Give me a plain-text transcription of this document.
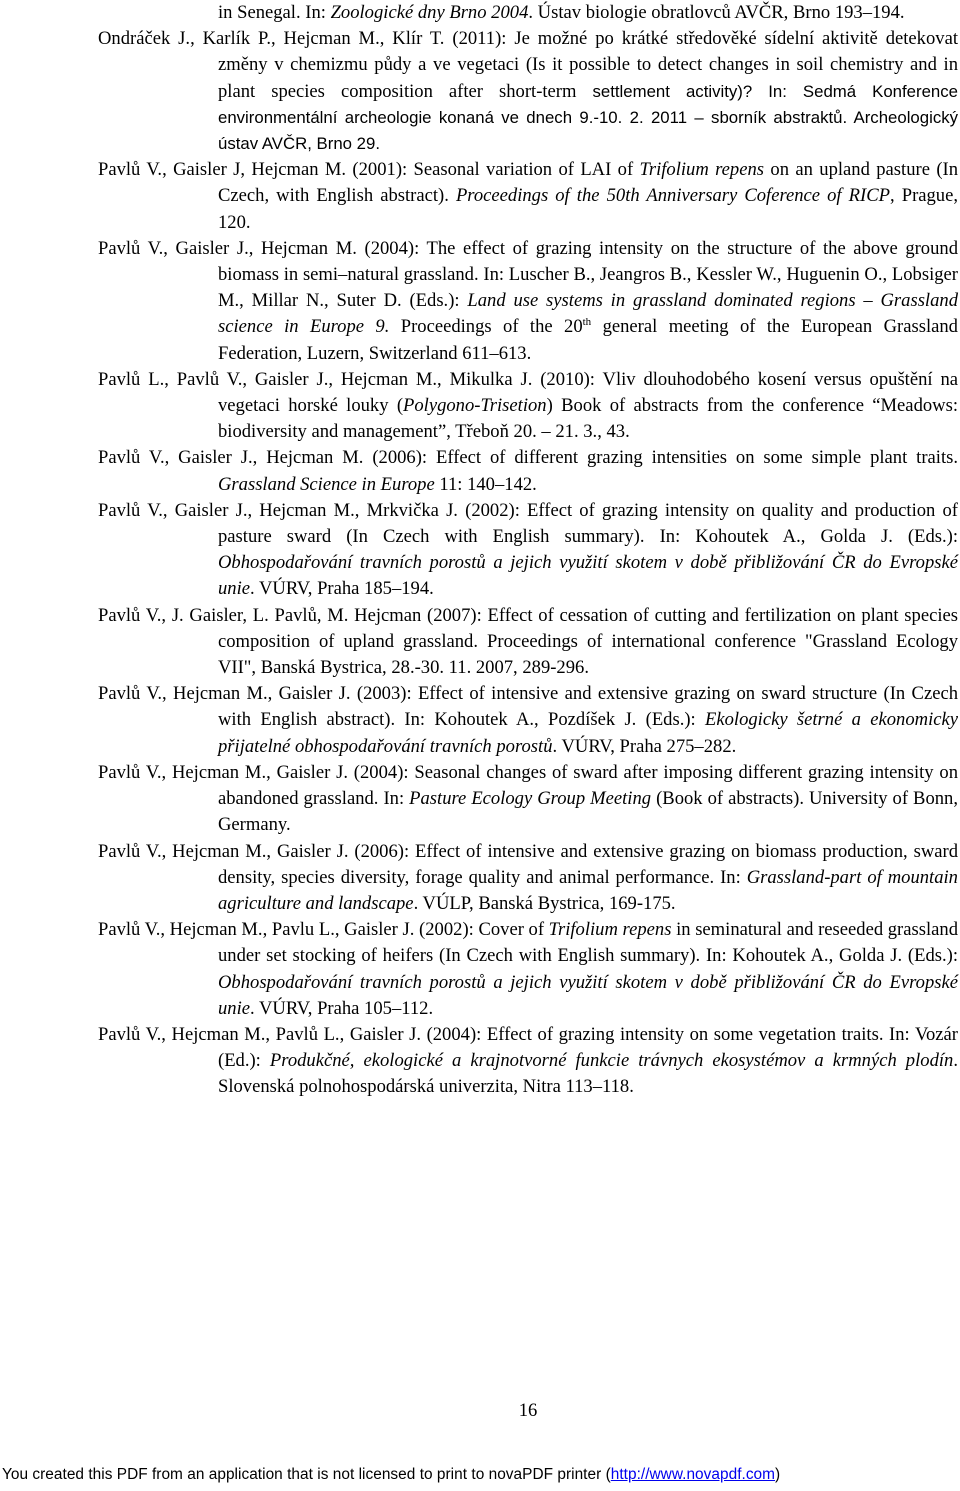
in Senegal. In: Zoologické dny Brno 2004. Ústav biologie obratlovců AVČR, Brno 193–194.

Ondráček J., Karlík P., Hejcman M., Klír T. (2011): Je možné po krátké středověké sídelní aktivitě detekovat změny v chemizmu půdy a ve vegetaci (Is it possible to detect changes in soil chemistry and in plant species composition after short-term settlement activity)? In: Sedmá Konference environmentální archeologie konaná ve dnech 9.-10. 2. 2011 – sborník abstraktů. Archeologický ústav AVČR, Brno 29.

Pavlů V., Gaisler J, Hejcman M. (2001): Seasonal variation of LAI of Trifolium repens on an upland pasture (In Czech, with English abstract). Proceedings of the 50th Anniversary Coference of RICP, Prague, 120.

Pavlů V., Gaisler J., Hejcman M. (2004): The effect of grazing intensity on the structure of the above ground biomass in semi–natural grassland. In: Luscher B., Jeangros B., Kessler W., Huguenin O., Lobsiger M., Millar N., Suter D. (Eds.): Land use systems in grassland dominated regions – Grassland science in Europe 9. Proceedings of the 20th general meeting of the European Grassland Federation, Luzern, Switzerland 611–613.

Pavlů L., Pavlů V., Gaisler J., Hejcman M., Mikulka J. (2010): Vliv dlouhodobého kosení versus opuštění na vegetaci horské louky (Polygono-Trisetion) Book of abstracts from the conference “Meadows: biodiversity and management”, Třeboň 20. – 21. 3., 43.

Pavlů V., Gaisler J., Hejcman M. (2006): Effect of different grazing intensities on some simple plant traits. Grassland Science in Europe 11: 140–142.

Pavlů V., Gaisler J., Hejcman M., Mrkvička J. (2002): Effect of grazing intensity on quality and production of pasture sward (In Czech with English summary). In: Kohoutek A., Golda J. (Eds.): Obhospodařování travních porostů a jejich využití skotem v době přibližování ČR do Evropské unie. VÚRV, Praha 185–194.

Pavlů V., J. Gaisler, L. Pavlů, M. Hejcman (2007): Effect of cessation of cutting and fertilization on plant species composition of upland grassland. Proceedings of international conference "Grassland Ecology VII", Banská Bystrica, 28.-30. 11. 2007, 289-296.

Pavlů V., Hejcman M., Gaisler J. (2003): Effect of intensive and extensive grazing on sward structure (In Czech with English abstract). In: Kohoutek A., Pozdíšek J. (Eds.): Ekologicky šetrné a ekonomicky přijatelné obhospodařování travních porostů. VÚRV, Praha 275–282.

Pavlů V., Hejcman M., Gaisler J. (2004): Seasonal changes of sward after imposing different grazing intensity on abandoned grassland. In: Pasture Ecology Group Meeting (Book of abstracts). University of Bonn, Germany.

Pavlů V., Hejcman M., Gaisler J. (2006): Effect of intensive and extensive grazing on biomass production, sward density, species diversity, forage quality and animal performance. In: Grassland-part of mountain agriculture and landscape. VÚLP, Banská Bystrica, 169-175.

Pavlů V., Hejcman M., Pavlu L., Gaisler J. (2002): Cover of Trifolium repens in seminatural and reseeded grassland under set stocking of heifers (In Czech with English summary). In: Kohoutek A., Golda J. (Eds.): Obhospodařování travních porostů a jejich využití skotem v době přibližování ČR do Evropské unie. VÚRV, Praha 105–112.

Pavlů V., Hejcman M., Pavlů L., Gaisler J. (2004): Effect of grazing intensity on some vegetation traits. In: Vozár (Ed.): Produkčné, ekologické a krajnotvorné funkcie trávnych ekosystémov a krmných plodín. Slovenská polnohospodárská univerzita, Nitra 113–118.

16
You created this PDF from an application that is not licensed to print to novaPDF printer (http://www.novapdf.com)
